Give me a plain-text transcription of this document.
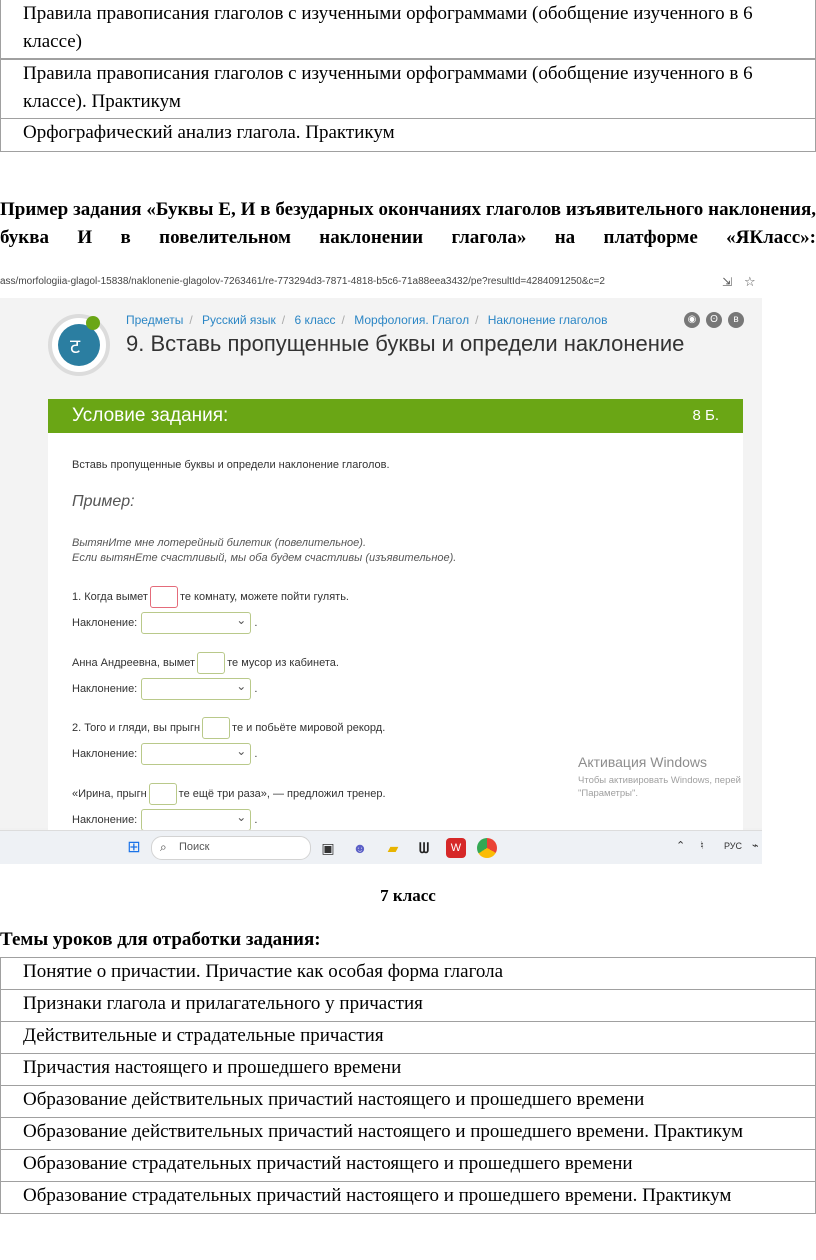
Правила правописания глаголов с изученными орфограммами (обобщение изученного в 6 классе)
Правила правописания глаголов с изученными орфограммами (обобщение изученного в 6 классе). Практикум
Орфографический анализ глагола. Практикум
Пример задания «Буквы Е, И в безударных окончаниях глаголов изъявительного наклонения, буква И в повелительном наклонении глагола» на платформе «ЯКласс»:
ass/morfologiia-glagol-15838/naklonenie-glagolov-7263461/re-773294d3-7871-4818-b5c6-71a88eea3432/pe?resultId=4284091250&c=2	⇲ ☆
ट
Предметы / Русский язык / 6 класс / Морфология. Глагол / Наклонение глаголов
9. Вставь пропущенные буквы и определи наклонение
◉	ʘ	в
Условие задания:	8 Б.
Вставь пропущенные буквы и определи наклонение глаголов.
Пример:
ВытянИте мне лотерейный билетик (повелительное).
Если вытянЕте счастливый, мы оба будем счастливы (изъявительное).
1. Когда вымет	те комнату, можете пойти гулять.
Наклонение: ⌄	.
Анна Андреевна, вымет	те мусор из кабинета.
Наклонение: ⌄	.
2. Того и гляди, вы прыгн	те и побьёте мировой рекорд.
Наклонение: ⌄	.
«Ирина, прыгн	те ещё три раза», — предложил тренер.
Наклонение: ⌄	.
Активация Windows
Чтобы активировать Windows, перей
"Параметры".
⊞ ⌕ Поиск	▣ ☻	▰	ᗯ	W	⌃ ♮ РУС ⌁
7 класс
Темы уроков для отработки задания:
Понятие о причастии. Причастие как особая форма глагола
Признаки глагола и прилагательного у причастия
Действительные и страдательные причастия
Причастия настоящего и прошедшего времени
Образование действительных причастий настоящего и прошедшего времени
Образование действительных причастий настоящего и прошедшего времени. Практикум
Образование страдательных причастий настоящего и прошедшего времени
Образование страдательных причастий настоящего и прошедшего времени. Практикум
